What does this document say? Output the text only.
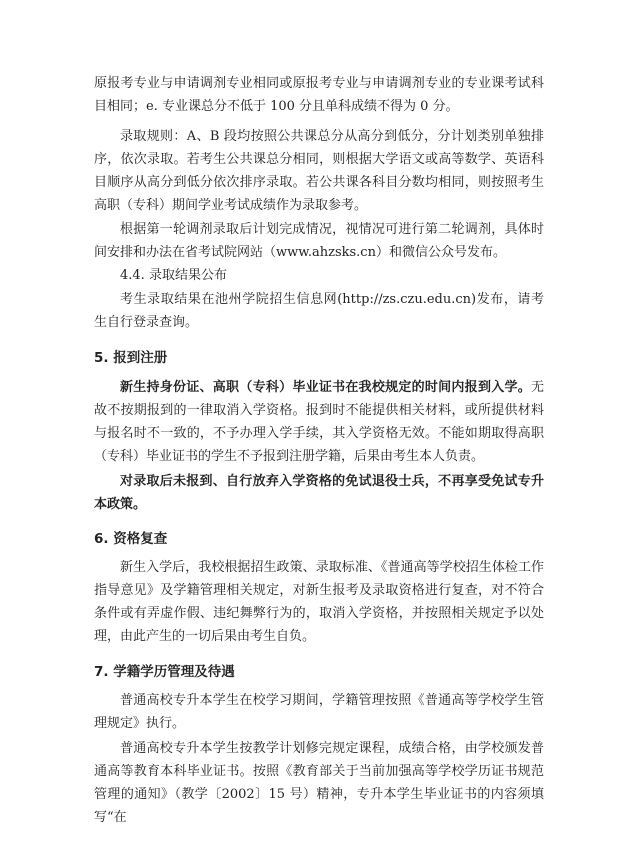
原报考专业与申请调剂专业相同或原报考专业与申请调剂专业的专业课考试科目相同；e. 专业课总分不低于 100 分且单科成绩不得为 0 分。
录取规则：A、B 段均按照公共课总分从高分到低分，分计划类别单独排序，依次录取。若考生公共课总分相同，则根据大学语文或高等数学、英语科目顺序从高分到低分依次排序录取。若公共课各科目分数均相同，则按照考生高职（专科）期间学业考试成绩作为录取参考。
根据第一轮调剂录取后计划完成情况，视情况可进行第二轮调剂，具体时间安排和办法在省考试院网站（www.ahzsks.cn）和微信公众号发布。
4.4. 录取结果公布
考生录取结果在池州学院招生信息网(http://zs.czu.edu.cn)发布，请考生自行登录查询。
5. 报到注册
新生持身份证、高职（专科）毕业证书在我校规定的时间内报到入学。无故不按期报到的一律取消入学资格。报到时不能提供相关材料，或所提供材料与报名时不一致的，不予办理入学手续，其入学资格无效。不能如期取得高职（专科）毕业证书的学生不予报到注册学籍，后果由考生本人负责。
对录取后未报到、自行放弃入学资格的免试退役士兵，不再享受免试专升本政策。
6. 资格复查
新生入学后，我校根据招生政策、录取标准、《普通高等学校招生体检工作指导意见》及学籍管理相关规定，对新生报考及录取资格进行复查，对不符合条件或有弄虚作假、违纪舞弊行为的，取消入学资格，并按照相关规定予以处理，由此产生的一切后果由考生自负。
7. 学籍学历管理及待遇
普通高校专升本学生在校学习期间，学籍管理按照《普通高等学校学生管理规定》执行。
普通高校专升本学生按教学计划修完规定课程，成绩合格，由学校颁发普通高等教育本科毕业证书。按照《教育部关于当前加强高等学校学历证书规范管理的通知》（教学〔2002〕15 号）精神，专升本学生毕业证书的内容须填写“在
